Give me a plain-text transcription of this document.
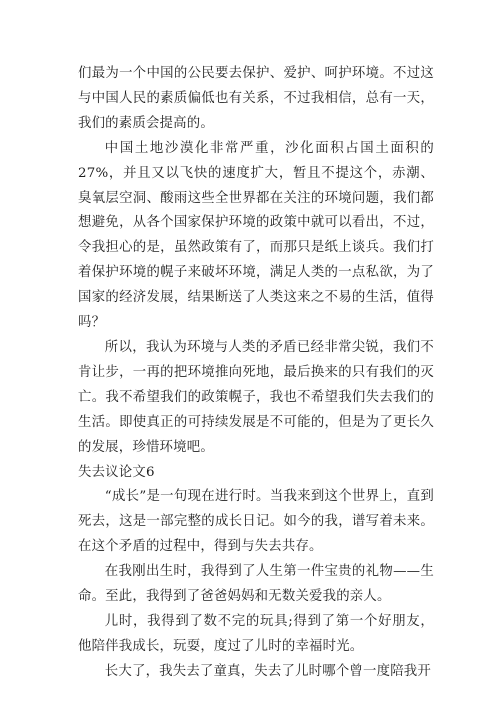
们最为一个中国的公民要去保护、爱护、呵护环境。不过这与中国人民的素质偏低也有关系，不过我相信，总有一天，我们的素质会提高的。

中国土地沙漠化非常严重，沙化面积占国土面积的27%，并且又以飞快的速度扩大，暂且不提这个，赤潮、臭氧层空洞、酸雨这些全世界都在关注的环境问题，我们都想避免，从各个国家保护环境的政策中就可以看出，不过，令我担心的是，虽然政策有了，而那只是纸上谈兵。我们打着保护环境的幌子来破坏环境，满足人类的一点私欲，为了国家的经济发展，结果断送了人类这来之不易的生活，值得吗？

所以，我认为环境与人类的矛盾已经非常尖锐，我们不肯让步，一再的把环境推向死地，最后换来的只有我们的灭亡。我不希望我们的政策幌子，我也不希望我们失去我们的生活。即使真正的可持续发展是不可能的，但是为了更长久的发展，珍惜环境吧。

失去议论文6

“成长”是一句现在进行时。当我来到这个世界上，直到死去，这是一部完整的成长日记。如今的我，谱写着未来。在这个矛盾的过程中，得到与失去共存。

在我刚出生时，我得到了人生第一件宝贵的礼物——生命。至此，我得到了爸爸妈妈和无数关爱我的亲人。

儿时，我得到了数不完的玩具;得到了第一个好朋友，他陪伴我成长，玩耍，度过了儿时的幸福时光。

长大了，我失去了童真，失去了儿时哪个曾一度陪我开
